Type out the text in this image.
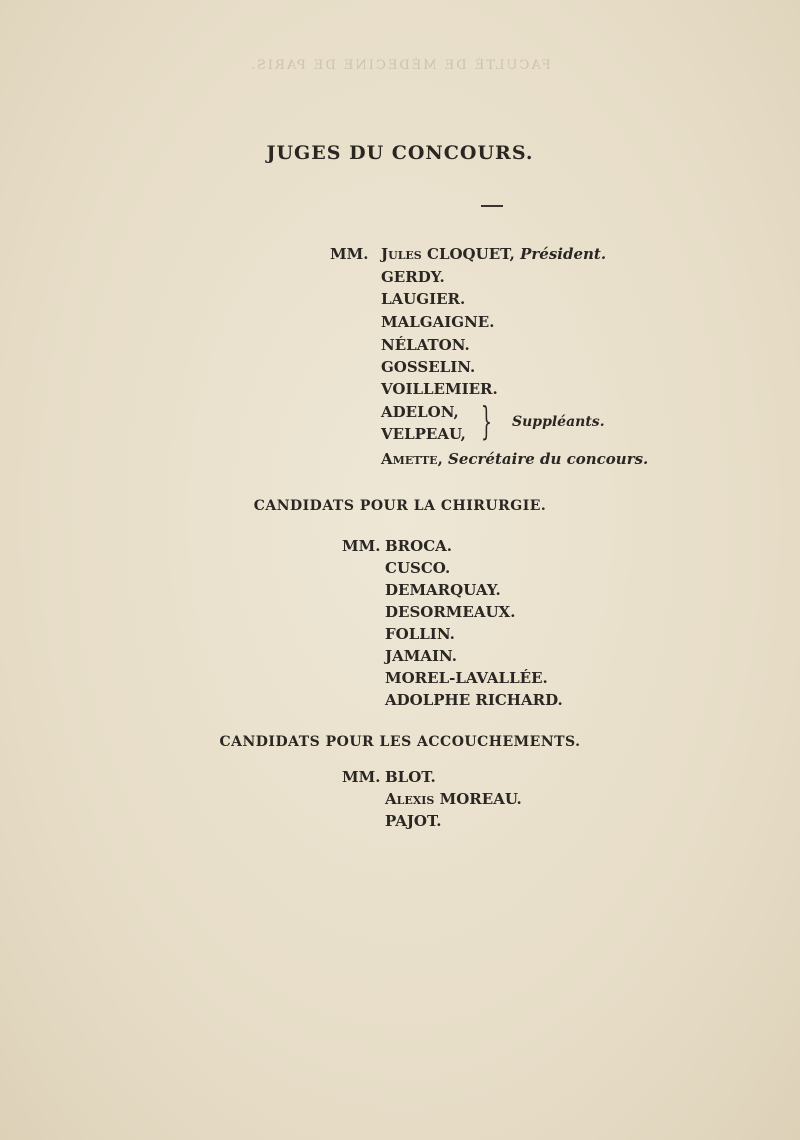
FACULTÉ DE MÉDECINE DE PARIS.
JUGES DU CONCOURS.
MM. Jules CLOQUET, Président.
GERDY.
LAUGIER.
MALGAIGNE.
NÉLATON.
GOSSELIN.
VOILLEMIER.
ADELON,
VELPEAU, } Suppléants.
Amette, Secrétaire du concours.
CANDIDATS POUR LA CHIRURGIE.
MM. BROCA.
CUSCO.
DEMARQUAY.
DESORMEAUX.
FOLLIN.
JAMAIN.
MOREL-LAVALLÉE.
ADOLPHE RICHARD.
CANDIDATS POUR LES ACCOUCHEMENTS.
MM. BLOT.
Alexis MOREAU.
PAJOT.
